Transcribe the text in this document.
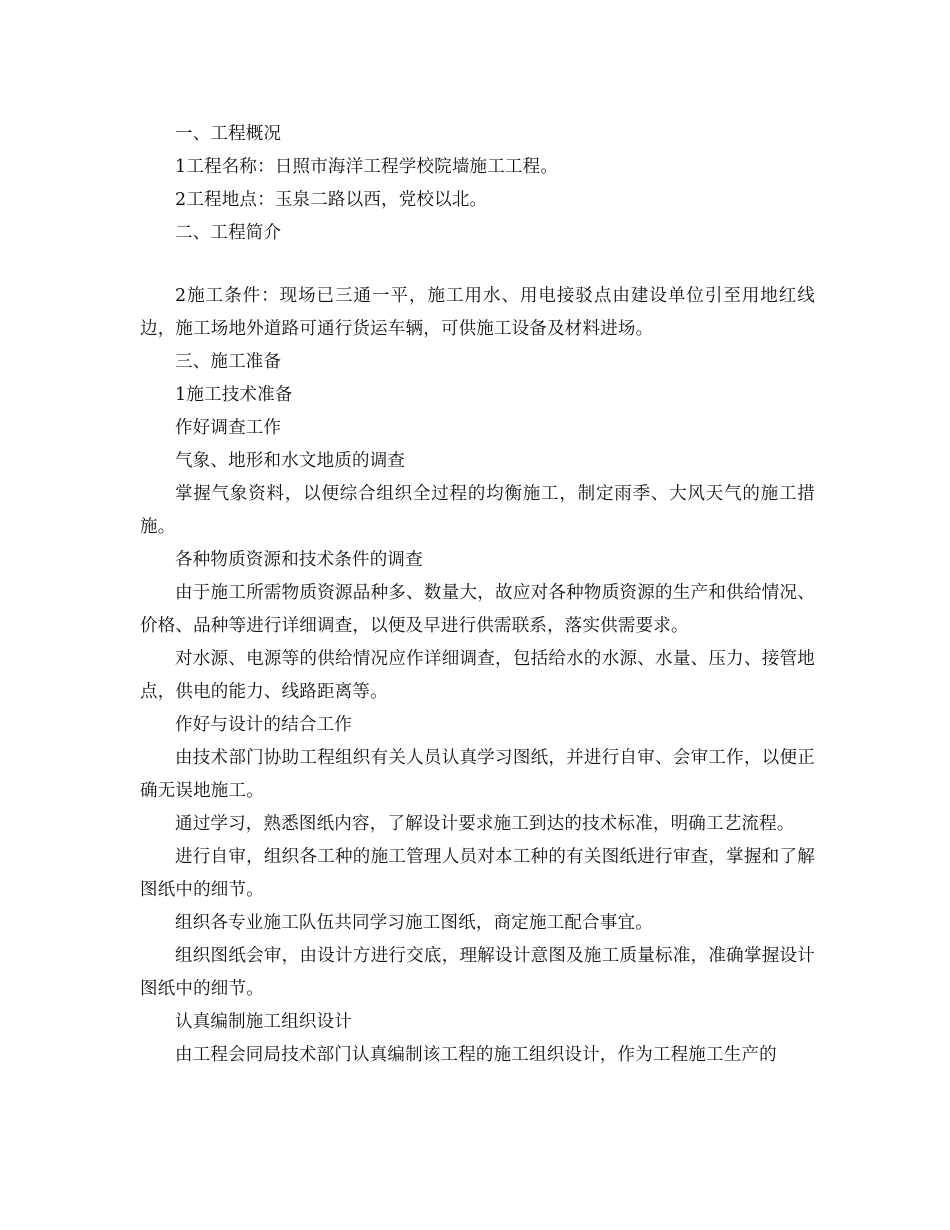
一、工程概况

1工程名称：日照市海洋工程学校院墙施工工程。

2工程地点：玉泉二路以西，党校以北。

二、工程简介

2施工条件：现场已三通一平，施工用水、用电接驳点由建设单位引至用地红线边，施工场地外道路可通行货运车辆，可供施工设备及材料进场。

三、施工准备

1施工技术准备

作好调查工作

气象、地形和水文地质的调查

掌握气象资料，以便综合组织全过程的均衡施工，制定雨季、大风天气的施工措施。

各种物质资源和技术条件的调查

由于施工所需物质资源品种多、数量大，故应对各种物质资源的生产和供给情况、价格、品种等进行详细调查，以便及早进行供需联系，落实供需要求。

对水源、电源等的供给情况应作详细调查，包括给水的水源、水量、压力、接管地点，供电的能力、线路距离等。

作好与设计的结合工作

由技术部门协助工程组织有关人员认真学习图纸，并进行自审、会审工作，以便正确无误地施工。

通过学习，熟悉图纸内容，了解设计要求施工到达的技术标准，明确工艺流程。

进行自审，组织各工种的施工管理人员对本工种的有关图纸进行审查，掌握和了解图纸中的细节。

组织各专业施工队伍共同学习施工图纸，商定施工配合事宜。

组织图纸会审，由设计方进行交底，理解设计意图及施工质量标准，准确掌握设计图纸中的细节。

认真编制施工组织设计

由工程会同局技术部门认真编制该工程的施工组织设计，作为工程施工生产的
